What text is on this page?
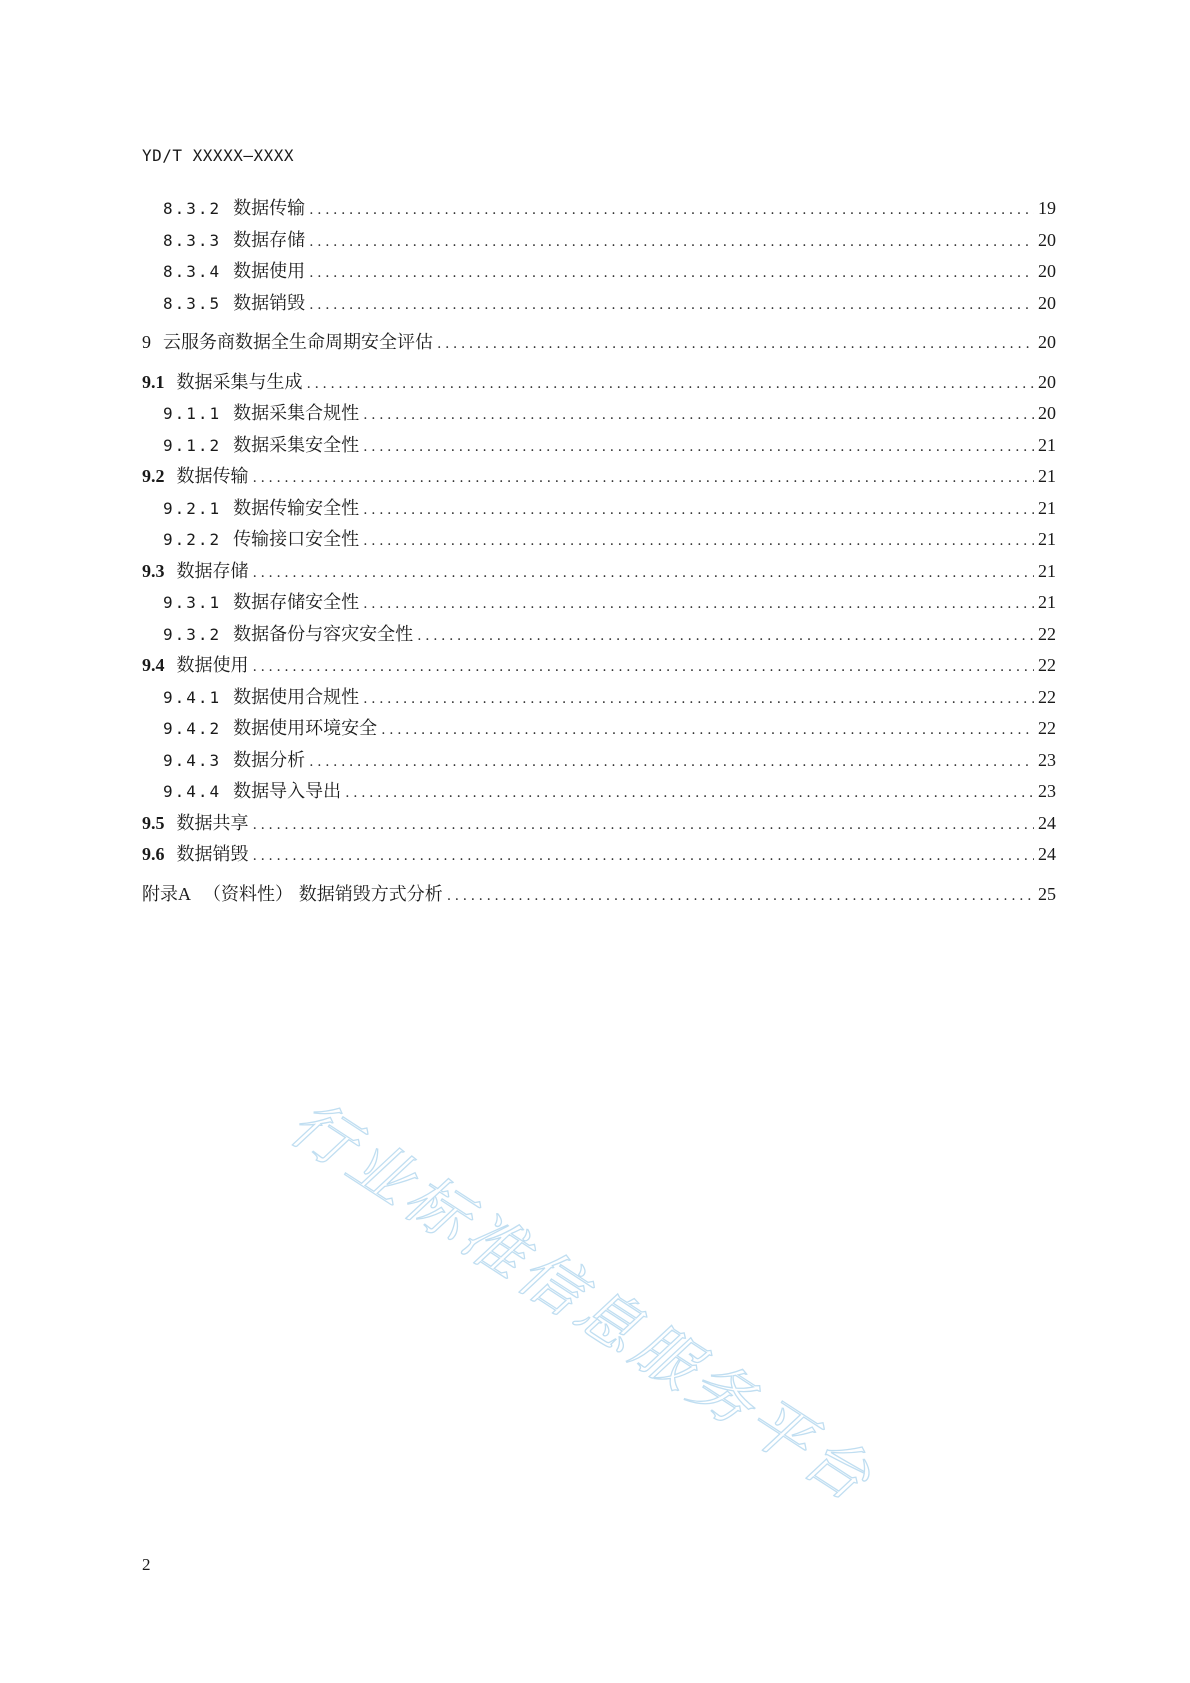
YD/T XXXXX—XXXX
8.3.2 数据传输 .....	19
8.3.3 数据存储 .....	20
8.3.4 数据使用 .....	20
8.3.5 数据销毁 .....	20
9 云服务商数据全生命周期安全评估 .....	20
9.1 数据采集与生成 .....	20
9.1.1 数据采集合规性 .....	20
9.1.2 数据采集安全性 .....	21
9.2 数据传输 .....	21
9.2.1 数据传输安全性 .....	21
9.2.2 传输接口安全性 .....	21
9.3 数据存储 .....	21
9.3.1 数据存储安全性 .....	21
9.3.2 数据备份与容灾安全性 .....	22
9.4 数据使用 .....	22
9.4.1 数据使用合规性 .....	22
9.4.2 数据使用环境安全 .....	22
9.4.3 数据分析 .....	23
9.4.4 数据导入导出 .....	23
9.5 数据共享 .....	24
9.6 数据销毁 .....	24
附录A （资料性） 数据销毁方式分析 .....	25
行业标准信息服务平台
2
